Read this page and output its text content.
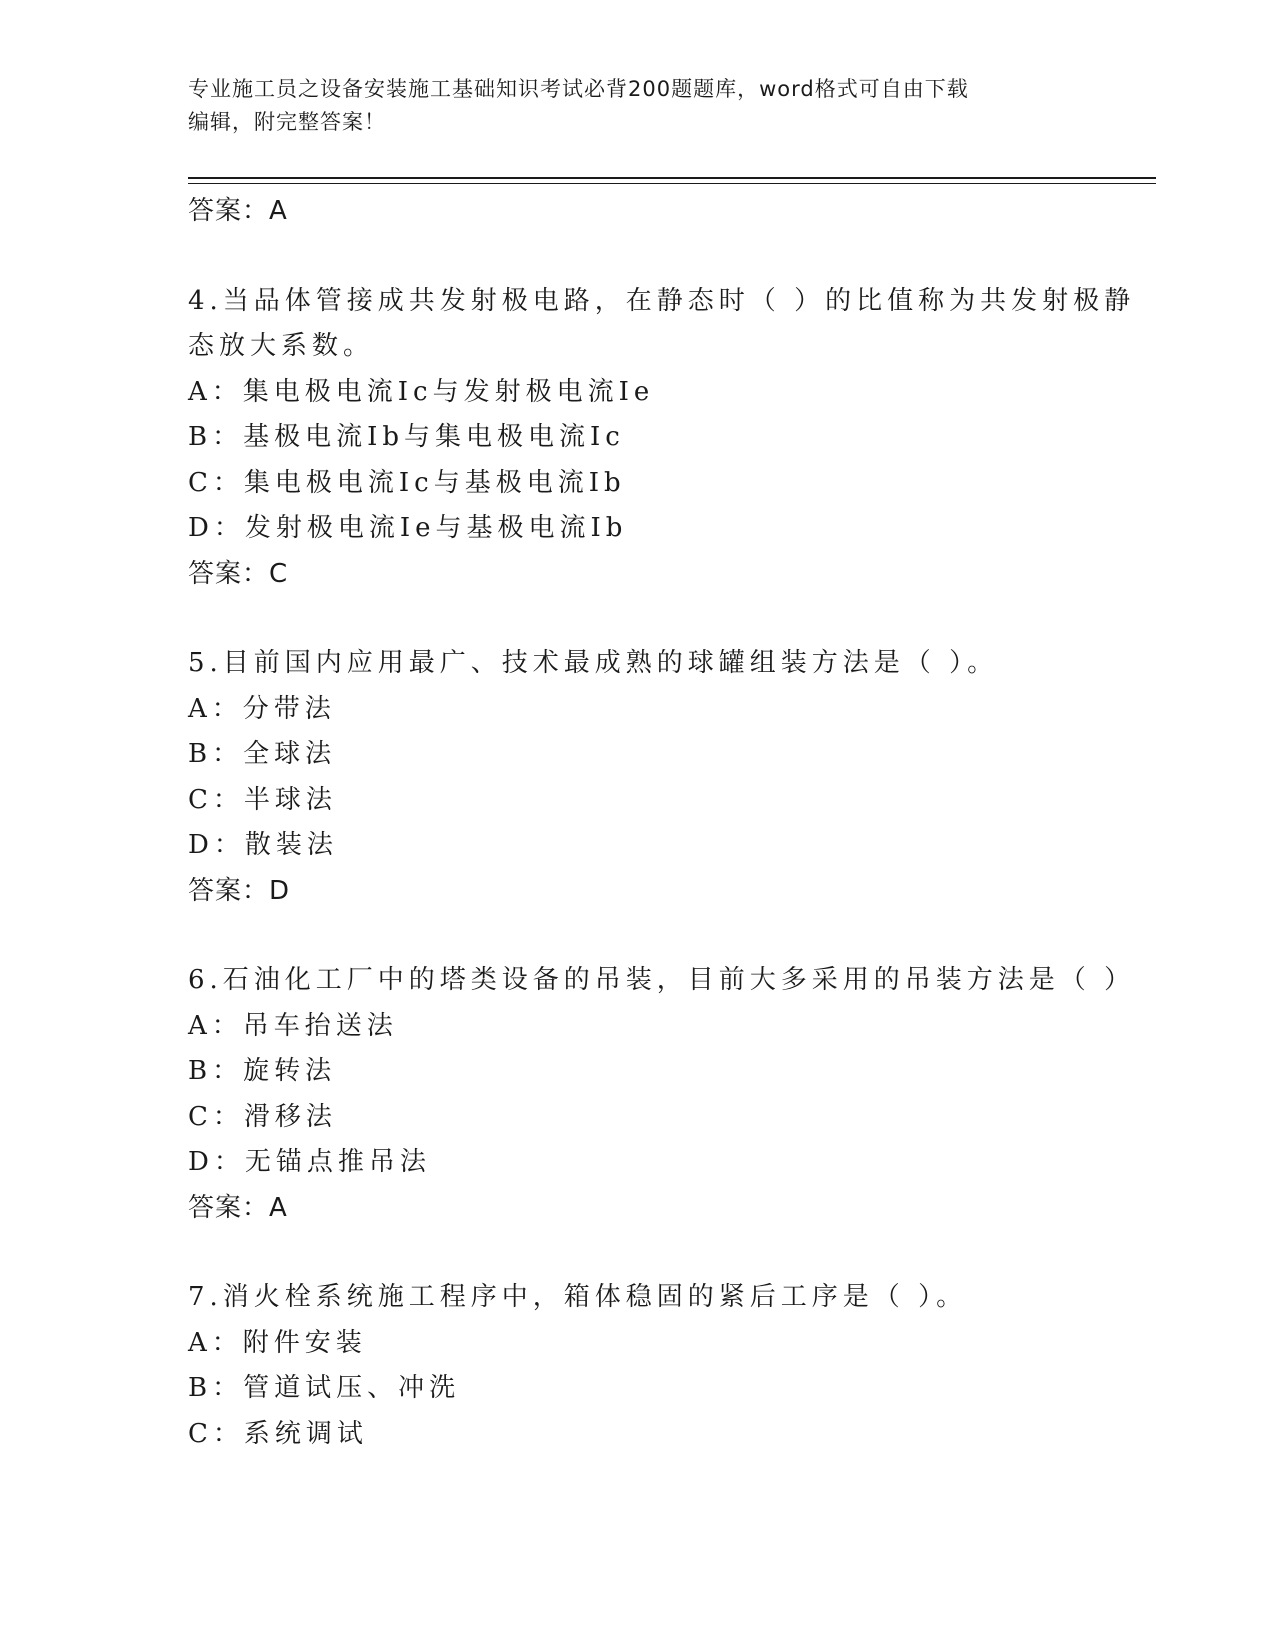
专业施工员之设备安装施工基础知识考试必背200题题库，word格式可自由下载
编辑，附完整答案！
答案：A
4.当品体管接成共发射极电路，在静态时（ ）的比值称为共发射极静
态放大系数。
A：集电极电流Ic与发射极电流Ie
B：基极电流Ib与集电极电流Ic
C：集电极电流Ic与基极电流Ib
D：发射极电流Ie与基极电流Ib
答案：C
5.目前国内应用最广、技术最成熟的球罐组装方法是（ ）。
A：分带法
B：全球法
C：半球法
D：散装法
答案：D
6.石油化工厂中的塔类设备的吊装，目前大多采用的吊装方法是（ ）
A：吊车抬送法
B：旋转法
C：滑移法
D：无锚点推吊法
答案：A
7.消火栓系统施工程序中，箱体稳固的紧后工序是（ ）。
A：附件安装
B：管道试压、冲洗
C：系统调试
